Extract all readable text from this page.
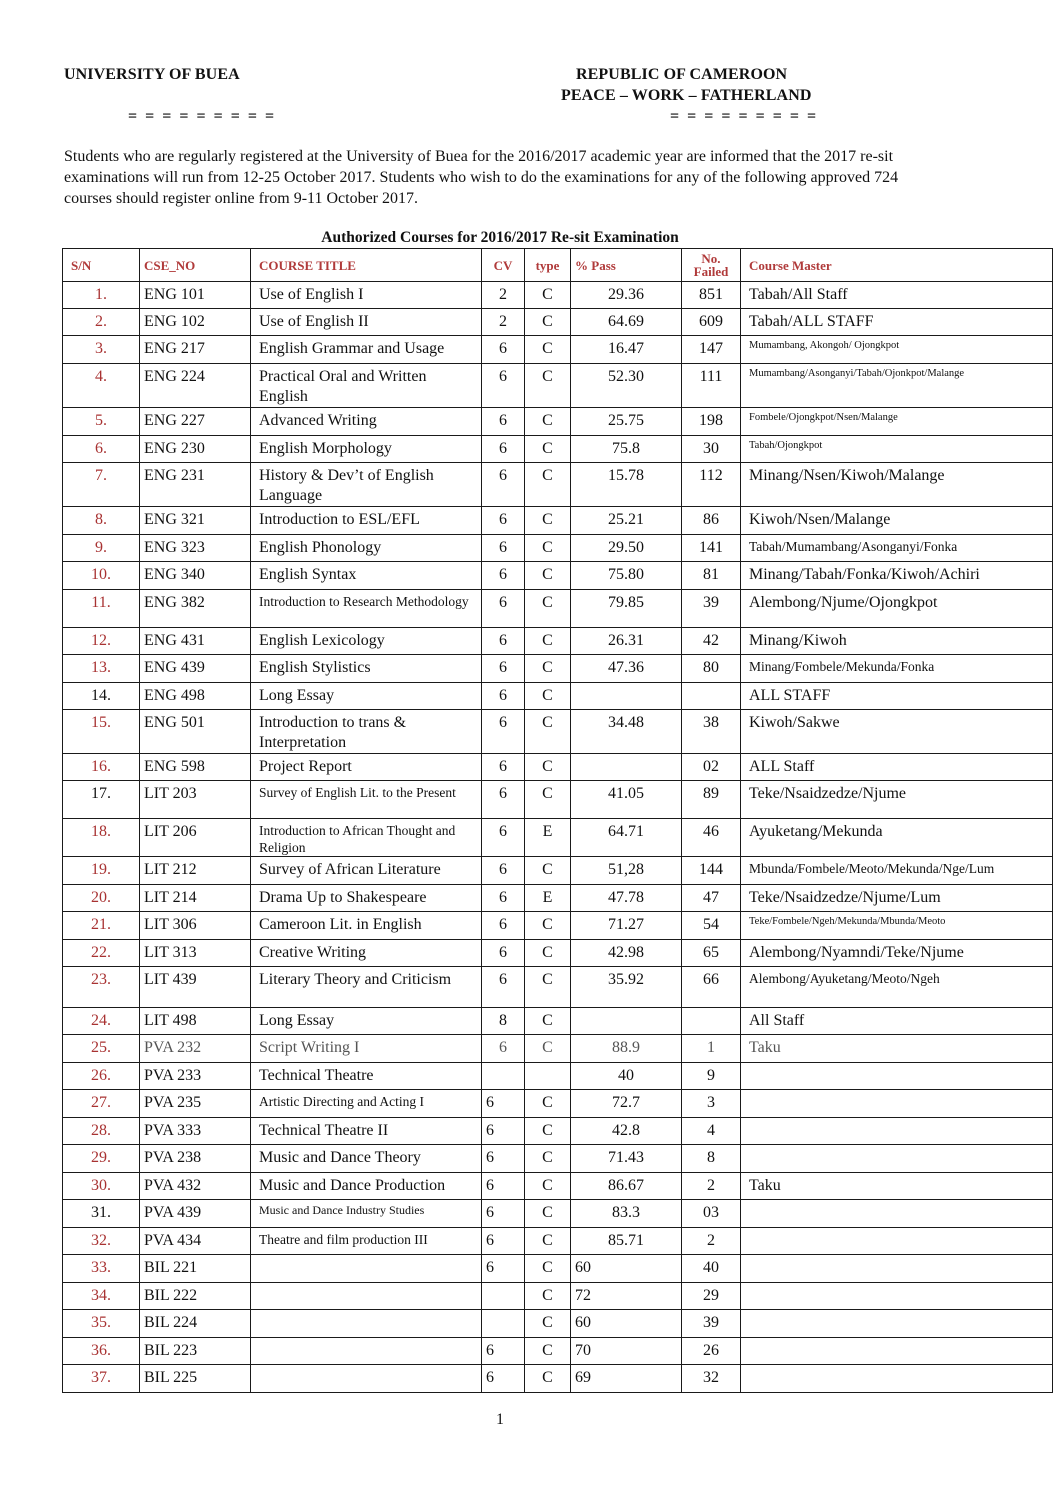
UNIVERSITY OF BUEA	REPUBLIC OF CAMEROON
PEACE – WORK – FATHERLAND
= = = = = = = = =	= = = = = = = = =
Students who are regularly registered at the University of Buea for the 2016/2017 academic year are informed that the 2017 re-sit examinations will run from 12-25 October 2017. Students who wish to do the examinations for any of the following approved 724 courses should register online from 9-11 October 2017.
Authorized Courses for 2016/2017 Re-sit Examination
S/N	CSE_NO	COURSE TITLE	CV	type	% Pass	No. Failed	Course Master
1.	ENG 101	Use of English I	2	C	29.36	851	Tabah/All Staff
2.	ENG 102	Use of English II	2	C	64.69	609	Tabah/ALL STAFF
3.	ENG 217	English Grammar and Usage	6	C	16.47	147	Mumambang, Akongoh/ Ojongkpot
4.	ENG 224	Practical Oral and Written English	6	C	52.30	111	Mumambang/Asonganyi/Tabah/Ojonkpot/Malange
5.	ENG 227	Advanced Writing	6	C	25.75	198	Fombele/Ojongkpot/Nsen/Malange
6.	ENG 230	English Morphology	6	C	75.8	30	Tabah/Ojongkpot
7.	ENG 231	History & Dev’t of English Language	6	C	15.78	112	Minang/Nsen/Kiwoh/Malange
8.	ENG 321	Introduction to ESL/EFL	6	C	25.21	86	Kiwoh/Nsen/Malange
9.	ENG 323	English Phonology	6	C	29.50	141	Tabah/Mumambang/Asonganyi/Fonka
10.	ENG 340	English Syntax	6	C	75.80	81	Minang/Tabah/Fonka/Kiwoh/Achiri
11.	ENG 382	Introduction to Research Methodology	6	C	79.85	39	Alembong/Njume/Ojongkpot
12.	ENG 431	English Lexicology	6	C	26.31	42	Minang/Kiwoh
13.	ENG 439	English Stylistics	6	C	47.36	80	Minang/Fombele/Mekunda/Fonka
14.	ENG 498	Long Essay	6	C			ALL STAFF
15.	ENG 501	Introduction to trans & Interpretation	6	C	34.48	38	Kiwoh/Sakwe
16.	ENG 598	Project Report	6	C		02	ALL Staff
17.	LIT 203	Survey of English Lit. to the Present	6	C	41.05	89	Teke/Nsaidzedze/Njume
18.	LIT 206	Introduction to African Thought and Religion	6	E	64.71	46	Ayuketang/Mekunda
19.	LIT 212	Survey of African Literature	6	C	51,28	144	Mbunda/Fombele/Meoto/Mekunda/Nge/Lum
20.	LIT 214	Drama Up to Shakespeare	6	E	47.78	47	Teke/Nsaidzedze/Njume/Lum
21.	LIT 306	Cameroon Lit. in English	6	C	71.27	54	Teke/Fombele/Ngeh/Mekunda/Mbunda/Meoto
22.	LIT 313	Creative Writing	6	C	42.98	65	Alembong/Nyamndi/Teke/Njume
23.	LIT 439	Literary Theory and Criticism	6	C	35.92	66	Alembong/Ayuketang/Meoto/Ngeh
24.	LIT 498	Long Essay	8	C			All Staff
25.	PVA 232	Script Writing I	6	C	88.9	1	Taku
26.	PVA 233	Technical Theatre			40	9	
27.	PVA 235	Artistic Directing and Acting I	6	C	72.7	3	
28.	PVA 333	Technical Theatre II	6	C	42.8	4	
29.	PVA 238	Music and Dance Theory	6	C	71.43	8	
30.	PVA 432	Music and Dance Production	6	C	86.67	2	Taku
31.	PVA 439	Music and Dance Industry Studies	6	C	83.3	03	
32.	PVA 434	Theatre and film production III	6	C	85.71	2	
33.	BIL 221		6	C	60	40	
34.	BIL 222			C	72	29	
35.	BIL 224			C	60	39	
36.	BIL 223		6	C	70	26	
37.	BIL 225		6	C	69	32	
1
